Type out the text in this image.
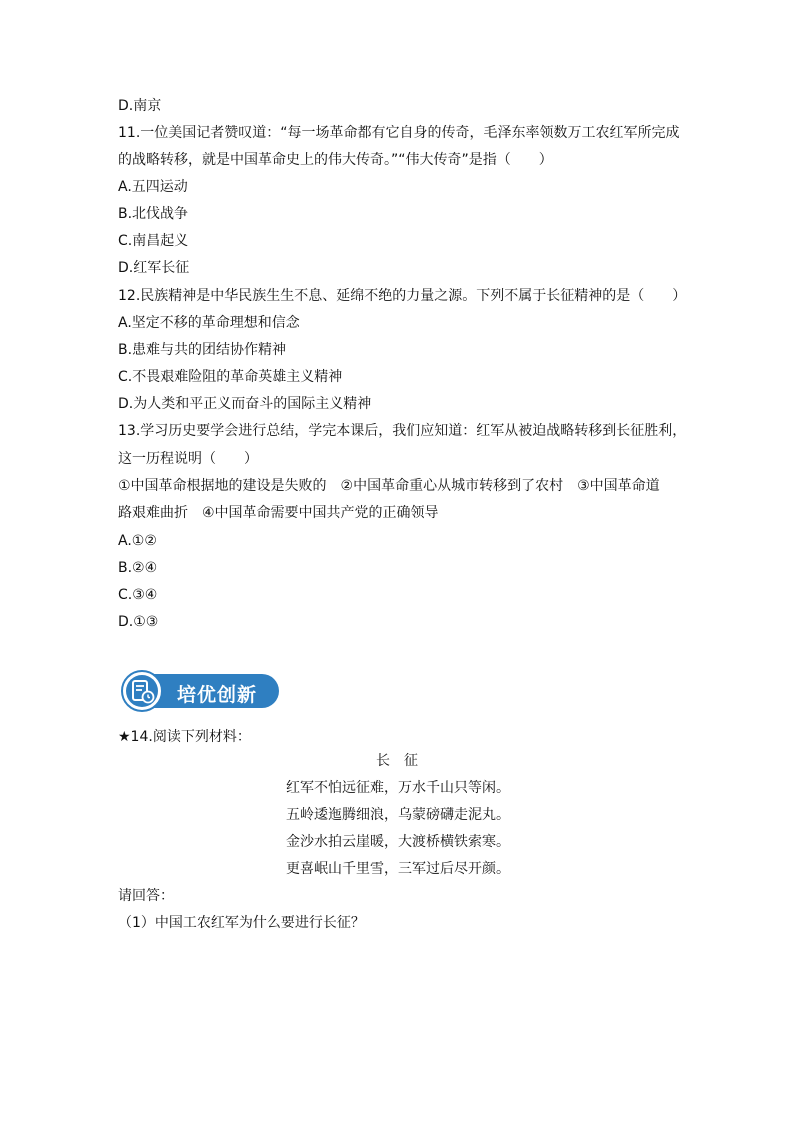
D.南京
11.一位美国记者赞叹道：“每一场革命都有它自身的传奇，毛泽东率领数万工农红军所完成
的战略转移，就是中国革命史上的伟大传奇。”“伟大传奇”是指（　　）
A.五四运动
B.北伐战争
C.南昌起义
D.红军长征
12.民族精神是中华民族生生不息、延绵不绝的力量之源。下列不属于长征精神的是（　　）
A.坚定不移的革命理想和信念
B.患难与共的团结协作精神
C.不畏艰难险阻的革命英雄主义精神
D.为人类和平正义而奋斗的国际主义精神
13.学习历史要学会进行总结，学完本课后，我们应知道：红军从被迫战略转移到长征胜利，
这一历程说明（　　）
①中国革命根据地的建设是失败的　②中国革命重心从城市转移到了农村　③中国革命道
路艰难曲折　④中国革命需要中国共产党的正确领导
A.①②
B.②④
C.③④
D.①③
★14.阅读下列材料：
长　征
红军不怕远征难，万水千山只等闲。
五岭逶迤腾细浪，乌蒙磅礴走泥丸。
金沙水拍云崖暖，大渡桥横铁索寒。
更喜岷山千里雪，三军过后尽开颜。
请回答：
（1）中国工农红军为什么要进行长征？
培优创新
